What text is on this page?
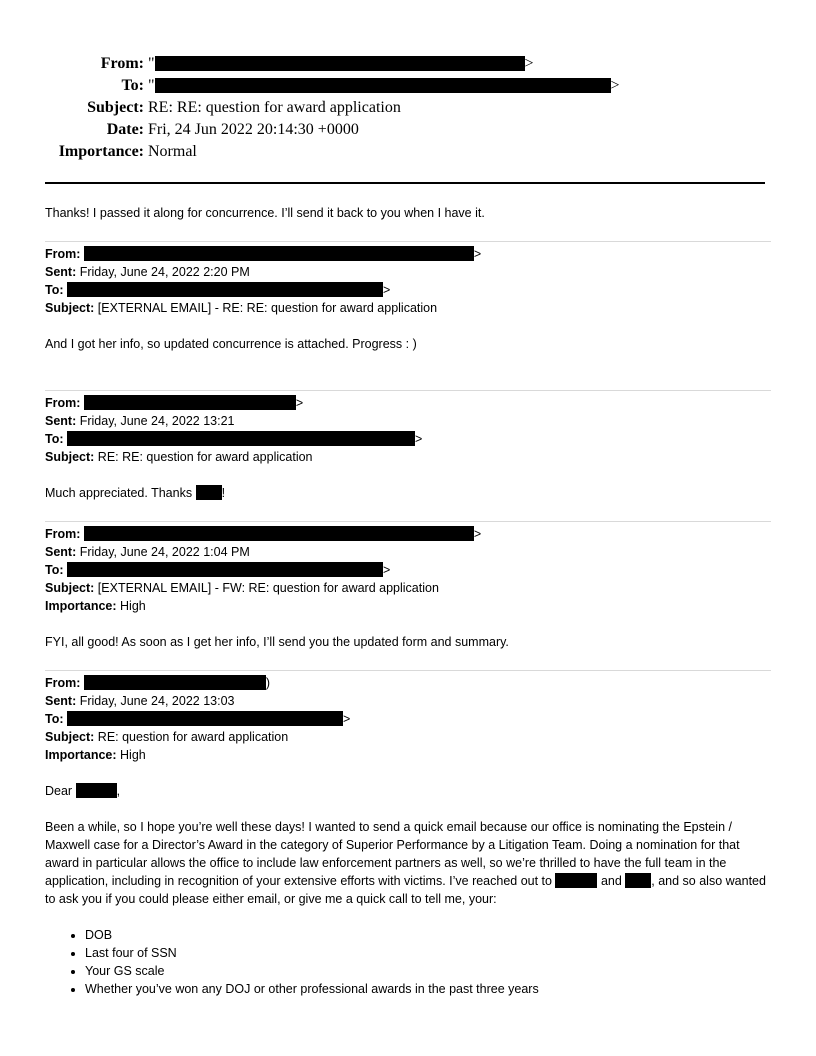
From: "	>
To: "	>
Subject: RE: RE: question for award application
Date: Fri, 24 Jun 2022 20:14:30 +0000
Importance: Normal

Thanks! I passed it along for concurrence. I’ll send it back to you when I have it.

From:	>
Sent: Friday, June 24, 2022 2:20 PM
To:	>
Subject: [EXTERNAL EMAIL] - RE: RE: question for award application
And I got her info, so updated concurrence is attached. Progress : )
From:	>
Sent: Friday, June 24, 2022 13:21
To:	>
Subject: RE: RE: question for award application
Much appreciated. Thanks !
From:	>
Sent: Friday, June 24, 2022 1:04 PM
To:	>
Subject: [EXTERNAL EMAIL] - FW: RE: question for award application
Importance: High
FYI, all good! As soon as I get her info, I’ll send you the updated form and summary.
From:	)
Sent: Friday, June 24, 2022 13:03
To:	>
Subject: RE: question for award application
Importance: High
Dear	,

Been a while, so I hope you’re well these days! I wanted to send a quick email because our office is nominating the Epstein / Maxwell case for a Director’s Award in the category of Superior Performance by a Litigation Team. Doing a nomination for that award in particular allows the office to include law enforcement partners as well, so we’re thrilled to have the full team in the application, including in recognition of your extensive efforts with victims. I’ve reached out to	and , and so also wanted to ask you if you could please either email, or give me a quick call to tell me, your:

• DOB
• Last four of SSN
• Your GS scale
• Whether you’ve won any DOJ or other professional awards in the past three years
